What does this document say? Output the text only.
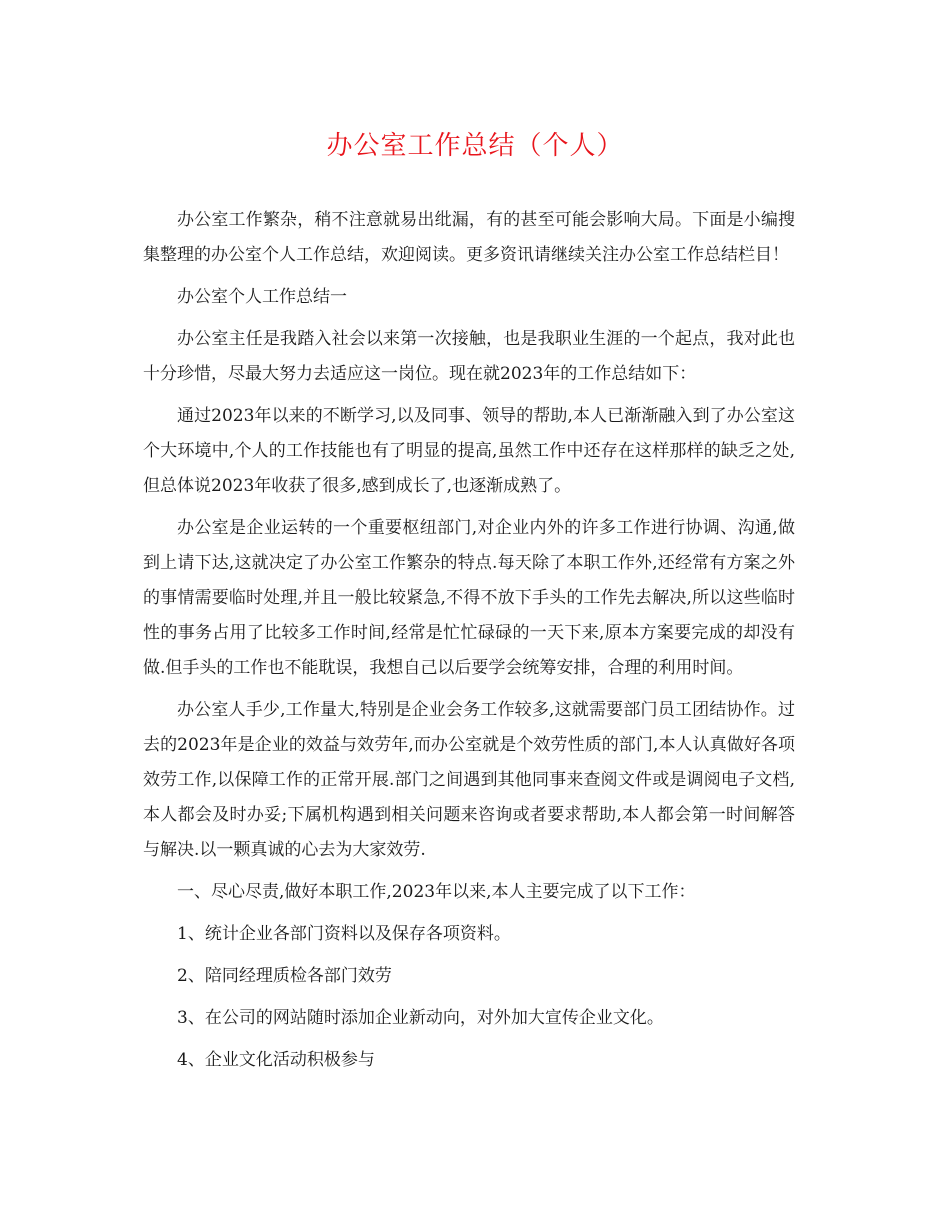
办公室工作总结（个人）

办公室工作繁杂，稍不注意就易出纰漏，有的甚至可能会影响大局。下面是小编搜集整理的办公室个人工作总结，欢迎阅读。更多资讯请继续关注办公室工作总结栏目！

办公室个人工作总结一

办公室主任是我踏入社会以来第一次接触，也是我职业生涯的一个起点，我对此也十分珍惜，尽最大努力去适应这一岗位。现在就2023年的工作总结如下：

通过2023年以来的不断学习,以及同事、领导的帮助,本人已渐渐融入到了办公室这个大环境中,个人的工作技能也有了明显的提高,虽然工作中还存在这样那样的缺乏之处,但总体说2023年收获了很多,感到成长了,也逐渐成熟了。

办公室是企业运转的一个重要枢纽部门,对企业内外的许多工作进行协调、沟通,做到上请下达,这就决定了办公室工作繁杂的特点.每天除了本职工作外,还经常有方案之外的事情需要临时处理,并且一般比较紧急,不得不放下手头的工作先去解决,所以这些临时性的事务占用了比较多工作时间,经常是忙忙碌碌的一天下来,原本方案要完成的却没有做.但手头的工作也不能耽误，我想自己以后要学会统筹安排，合理的利用时间。

办公室人手少,工作量大,特别是企业会务工作较多,这就需要部门员工团结协作。过去的2023年是企业的效益与效劳年,而办公室就是个效劳性质的部门,本人认真做好各项效劳工作,以保障工作的正常开展.部门之间遇到其他同事来查阅文件或是调阅电子文档,本人都会及时办妥;下属机构遇到相关问题来咨询或者要求帮助,本人都会第一时间解答与解决.以一颗真诚的心去为大家效劳.

一、尽心尽责,做好本职工作,2023年以来,本人主要完成了以下工作：

1、统计企业各部门资料以及保存各项资料。

2、陪同经理质检各部门效劳

3、在公司的网站随时添加企业新动向，对外加大宣传企业文化。

4、企业文化活动积极参与
